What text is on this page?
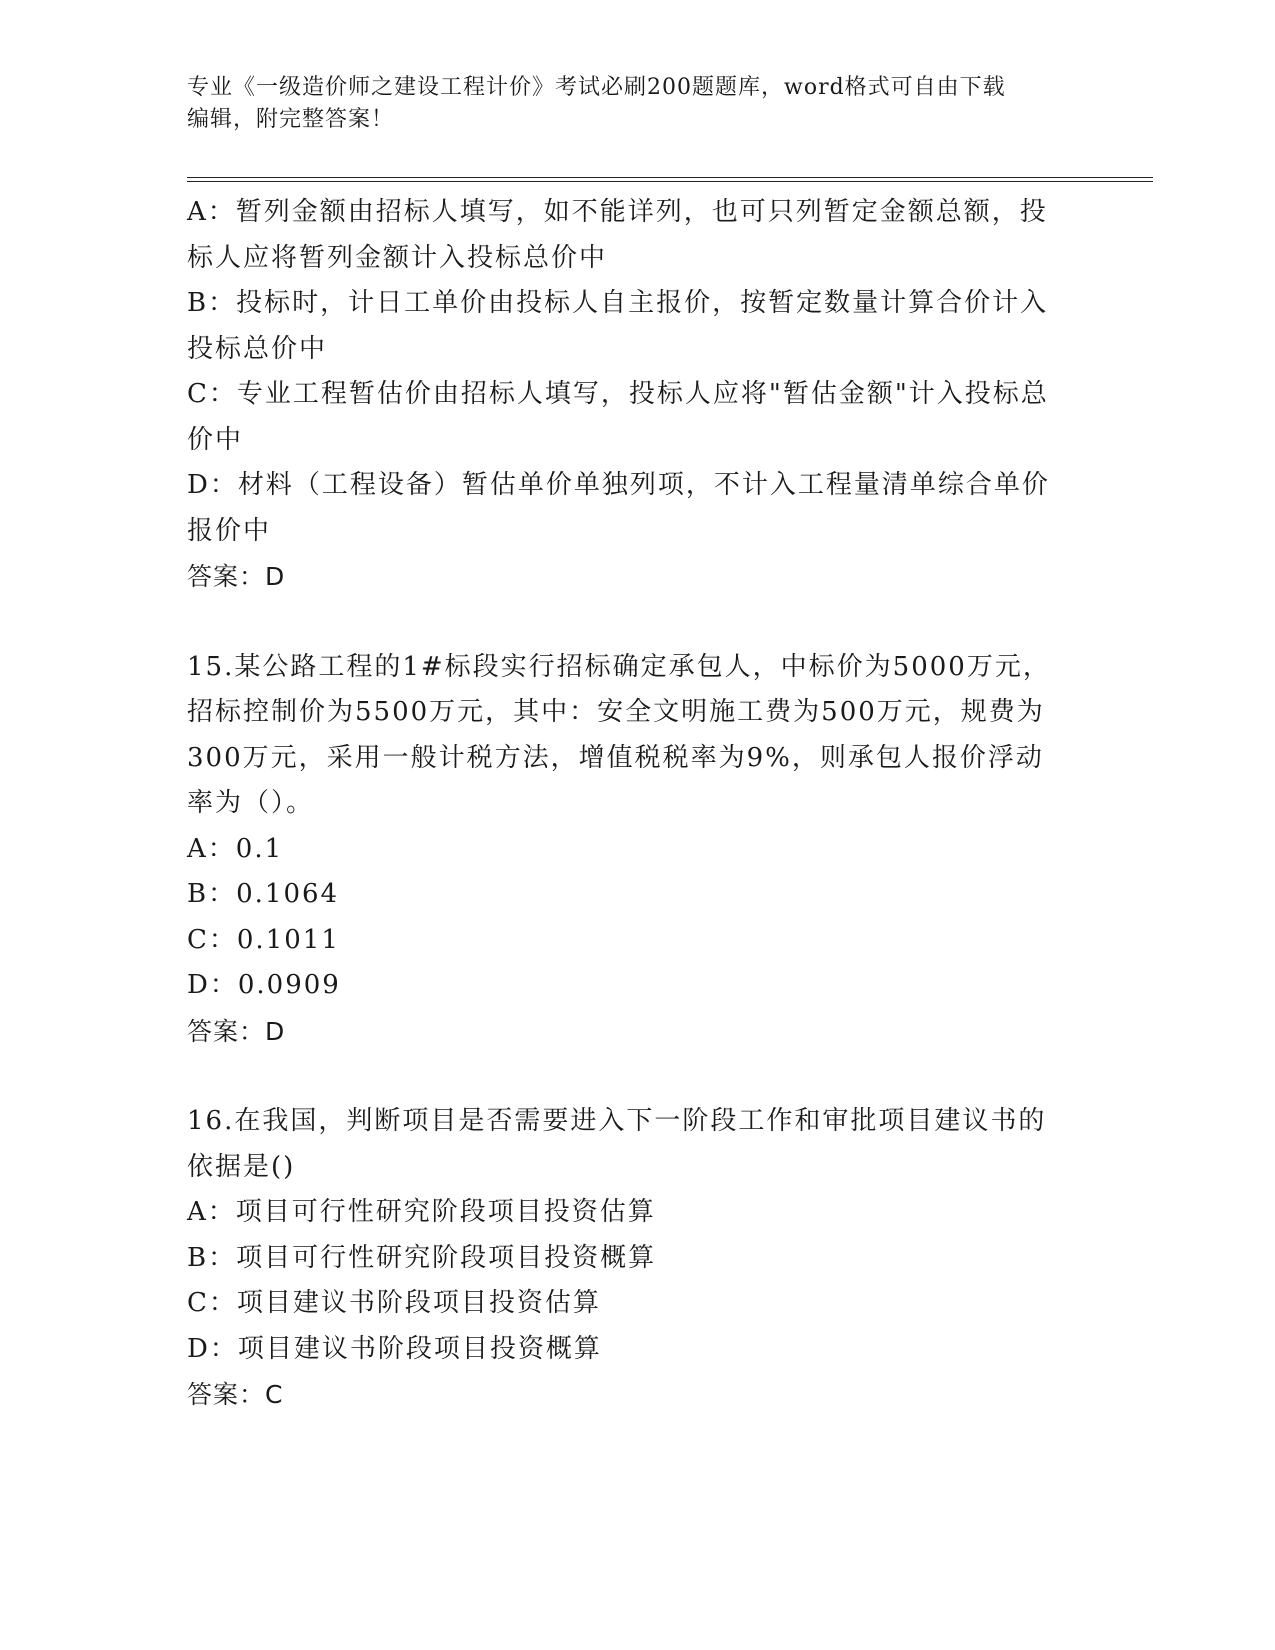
专业《一级造价师之建设工程计价》考试必刷200题题库，word格式可自由下载
编辑，附完整答案！
A：暂列金额由招标人填写，如不能详列，也可只列暂定金额总额，投
标人应将暂列金额计入投标总价中
B：投标时，计日工单价由投标人自主报价，按暂定数量计算合价计入
投标总价中
C：专业工程暂估价由招标人填写，投标人应将"暂估金额"计入投标总
价中
D：材料（工程设备）暂估单价单独列项，不计入工程量清单综合单价
报价中
答案：D
15.某公路工程的1#标段实行招标确定承包人，中标价为5000万元，
招标控制价为5500万元，其中：安全文明施工费为500万元，规费为
300万元，采用一般计税方法，增值税税率为9%，则承包人报价浮动
率为（）。
A：0.1
B：0.1064
C：0.1011
D：0.0909
答案：D
16.在我国，判断项目是否需要进入下一阶段工作和审批项目建议书的
依据是()
A：项目可行性研究阶段项目投资估算
B：项目可行性研究阶段项目投资概算
C：项目建议书阶段项目投资估算
D：项目建议书阶段项目投资概算
答案：C
